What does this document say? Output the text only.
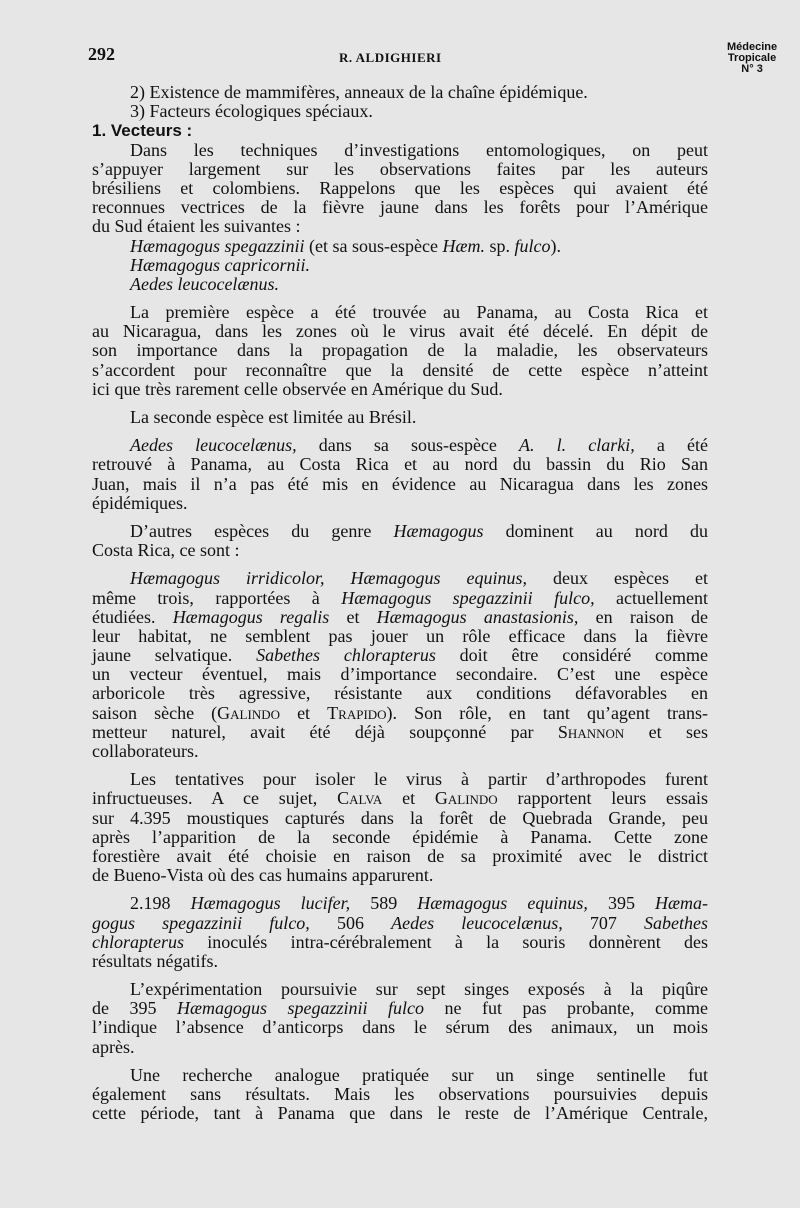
292	R. ALDIGHIERI
Médecine
Tropicale
N° 3
2) Existence de mammifères, anneaux de la chaîne épidémique.
3) Facteurs écologiques spéciaux.
1. Vecteurs :
Dans les techniques d’investigations entomologiques, on peut
s’appuyer largement sur les observations faites par les auteurs
brésiliens et colombiens. Rappelons que les espèces qui avaient été
reconnues vectrices de la fièvre jaune dans les forêts pour l’Amérique
du Sud étaient les suivantes :
Hæmagogus spegazzinii (et sa sous-espèce Hæm. sp. fulco).
Hæmagogus capricornii.
Aedes leucocelænus.
La première espèce a été trouvée au Panama, au Costa Rica et
au Nicaragua, dans les zones où le virus avait été décelé. En dépit de
son importance dans la propagation de la maladie, les observateurs
s’accordent pour reconnaître que la densité de cette espèce n’atteint
ici que très rarement celle observée en Amérique du Sud.
La seconde espèce est limitée au Brésil.
Aedes leucocelænus, dans sa sous-espèce A. l. clarki, a été
retrouvé à Panama, au Costa Rica et au nord du bassin du Rio San
Juan, mais il n’a pas été mis en évidence au Nicaragua dans les zones
épidémiques.
D’autres espèces du genre Hæmagogus dominent au nord du
Costa Rica, ce sont :
Hæmagogus irridicolor, Hæmagogus equinus, deux espèces et
même trois, rapportées à Hæmagogus spegazzinii fulco, actuellement
étudiées. Hæmagogus regalis et Hæmagogus anastasionis, en raison de
leur habitat, ne semblent pas jouer un rôle efficace dans la fièvre
jaune selvatique. Sabethes chlorapterus doit être considéré comme
un vecteur éventuel, mais d’importance secondaire. C’est une espèce
arboricole très agressive, résistante aux conditions défavorables en
saison sèche (Galindo et Trapido). Son rôle, en tant qu’agent trans-
metteur naturel, avait été déjà soupçonné par Shannon et ses
collaborateurs.
Les tentatives pour isoler le virus à partir d’arthropodes furent
infructueuses. A ce sujet, Calva et Galindo rapportent leurs essais
sur 4.395 moustiques capturés dans la forêt de Quebrada Grande, peu
après l’apparition de la seconde épidémie à Panama. Cette zone
forestière avait été choisie en raison de sa proximité avec le district
de Bueno-Vista où des cas humains apparurent.
2.198 Hæmagogus lucifer, 589 Hæmagogus equinus, 395 Hæma-
gogus spegazzinii fulco, 506 Aedes leucocelænus, 707 Sabethes
chlorapterus inoculés intra-cérébralement à la souris donnèrent des
résultats négatifs.
L’expérimentation poursuivie sur sept singes exposés à la piqûre
de 395 Hæmagogus spegazzinii fulco ne fut pas probante, comme
l’indique l’absence d’anticorps dans le sérum des animaux, un mois
après.
Une recherche analogue pratiquée sur un singe sentinelle fut
également sans résultats. Mais les observations poursuivies depuis
cette période, tant à Panama que dans le reste de l’Amérique Centrale,
